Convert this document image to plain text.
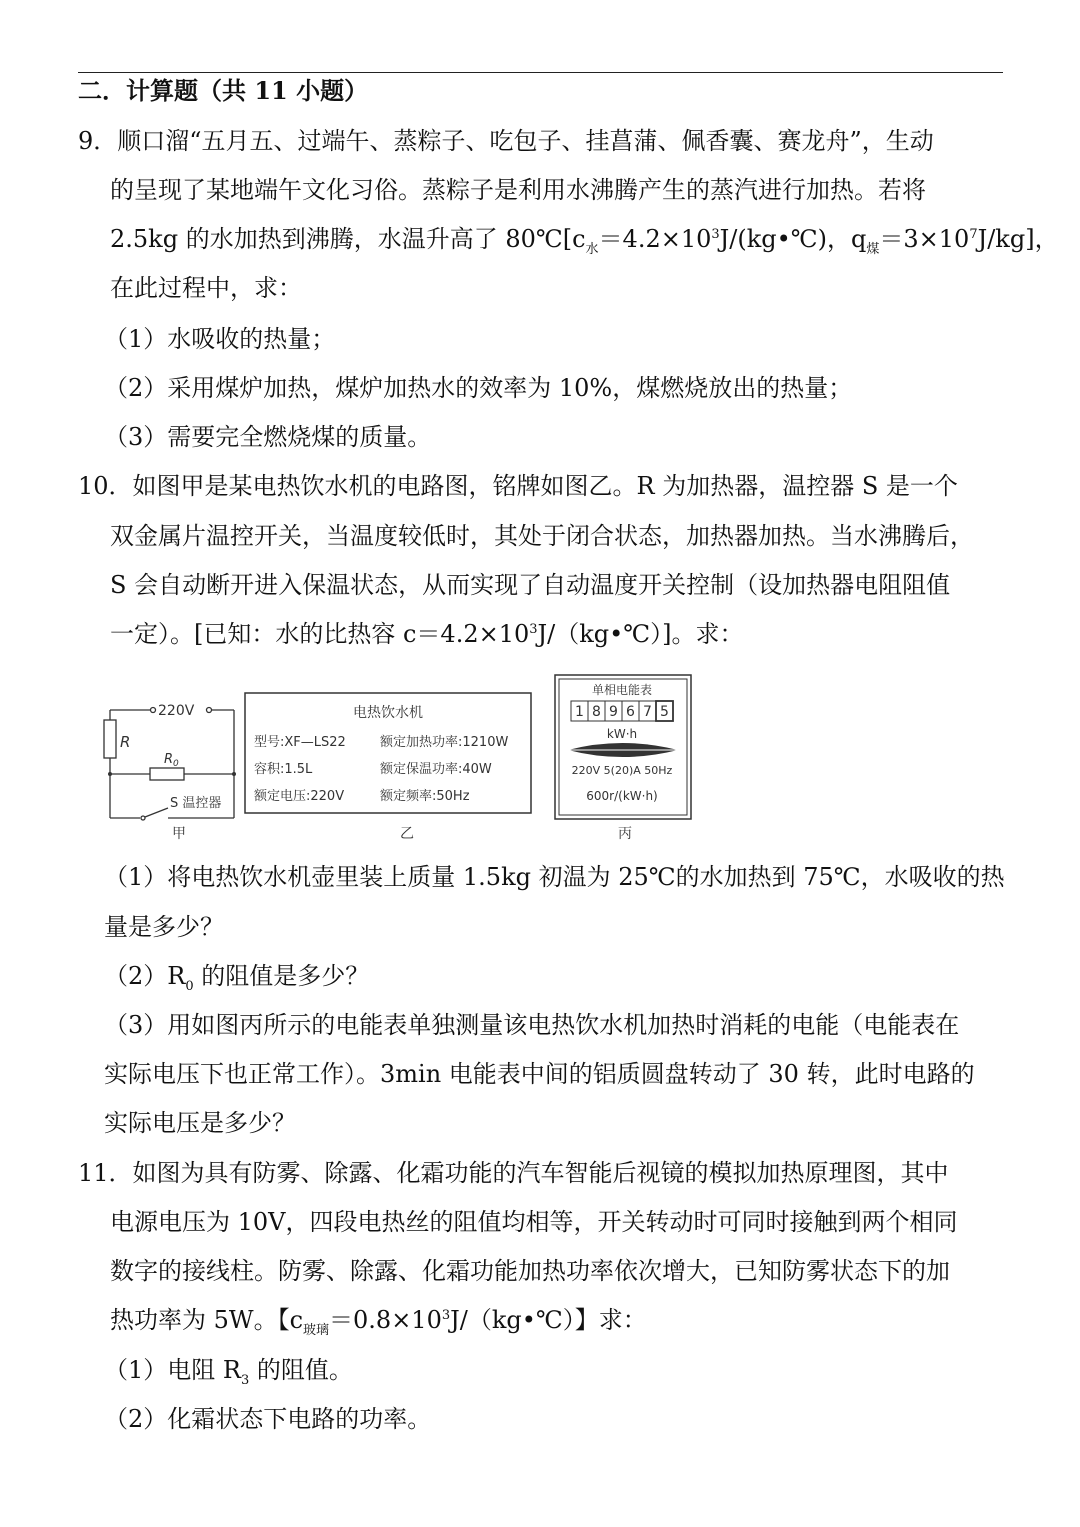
二．计算题（共 11 小题）
9．顺口溜“五月五、过端午、蒸粽子、吃包子、挂菖蒲、佩香囊、赛龙舟”，生动
的呈现了某地端午文化习俗。蒸粽子是利用水沸腾产生的蒸汽进行加热。若将
2.5kg 的水加热到沸腾，水温升高了 $80℃[c_水=4.2\times 10^3J/(kg•℃)$，$q_煤=3\times 10^7J/kg$]，
在此过程中，求：
（1）水吸收的热量；
（2）采用煤炉加热，煤炉加热水的效率为 10%，煤燃烧放出的热量；
（3）需要完全燃烧煤的质量。
10．如图甲是某电热饮水机的电路图，铭牌如图乙。R 为加热器，温控器 S 是一个
双金属片温控开关，当温度较低时，其处于闭合状态，加热器加热。当水沸腾后，
S 会自动断开进入保温状态，从而实现了自动温度开关控制（设加热器电阻阻值
一定）。[已知：水的比热容 $c=4.2\times 10^3J/(kg•℃)$]。求：
220V
R
$R_0$
S 温控器
甲
电热饮水机
型号:XF—LS22	额定加热功率:1210W
容积:1.5L	额定保温功率:40W
额定电压:220V	额定频率:50Hz
乙
单相电能表
1 8 9 6 7 5
kW·h
220V 5(20)A 50Hz
600r/(kW·h)
丙
（1）将电热饮水机壶里装上质量 1.5kg 初温为 25℃的水加热到 75℃，水吸收的热
量是多少？
$(2)R_0$ 的阻值是多少？
（3）用如图丙所示的电能表单独测量该电热饮水机加热时消耗的电能（电能表在
实际电压下也正常工作）。3min 电能表中间的铝质圆盘转动了 30 转，此时电路的
实际电压是多少？
11．如图为具有防雾、除露、化霜功能的汽车智能后视镜的模拟加热原理图，其中
电源电压为 10V，四段电热丝的阻值均相等，开关转动时可同时接触到两个相同
数字的接线柱。防雾、除露、化霜功能加热功率依次增大，已知防雾状态下的加
热功率为 5W。【$c_{玻璃}=0.8\times 10^3J/(kg•℃)$】求：
（1）电阻 $R_3$ 的阻值。
（2）化霜状态下电路的功率。
